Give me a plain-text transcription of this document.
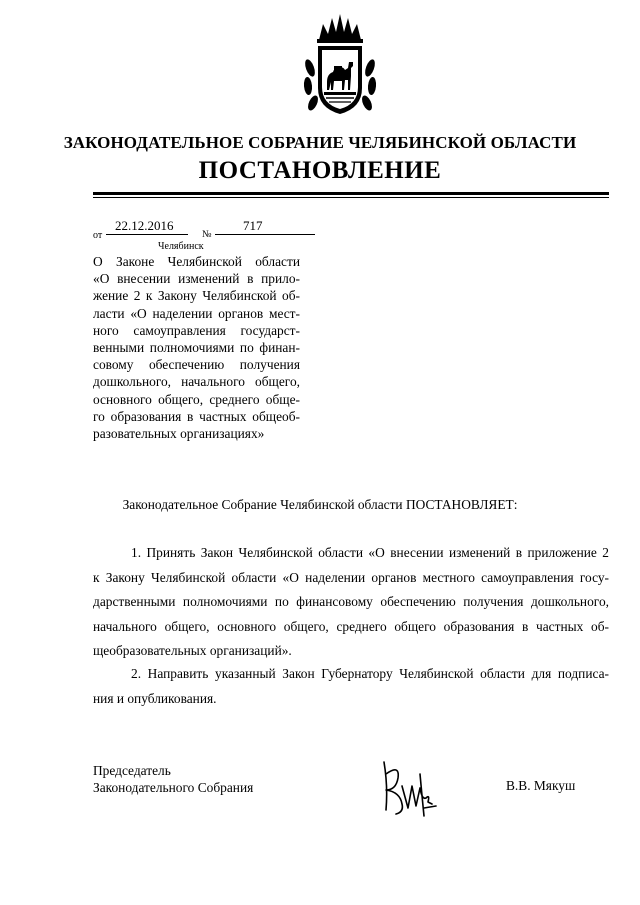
ЗАКОНОДАТЕЛЬНОЕ СОБРАНИЕ ЧЕЛЯБИНСКОЙ ОБЛАСТИ
ПОСТАНОВЛЕНИЕ
от
22.12.2016
№
717
Челябинск
О Законе Челябинской области
«О внесении изменений в прило-
жение 2 к Закону Челябинской об-
ласти «О наделении органов мест-
ного самоуправления государст-
венными полномочиями по финан-
совому обеспечению получения
дошкольного, начального общего,
основного общего, среднего обще-
го образования в частных общеоб-
разовательных организациях»
Законодательное Собрание Челябинской области ПОСТАНОВЛЯЕТ:
1. Принять Закон Челябинской области «О внесении изменений в приложение 2
к Закону Челябинской области «О наделении органов местного самоуправления госу-
дарственными полномочиями по финансовому обеспечению получения дошкольного,
начального общего, основного общего, среднего общего образования в частных об-
щеобразовательных организаций».
2. Направить указанный Закон Губернатору Челябинской области для подписа-
ния и опубликования.
Председатель
Законодательного Собрания	В.В. Мякуш
